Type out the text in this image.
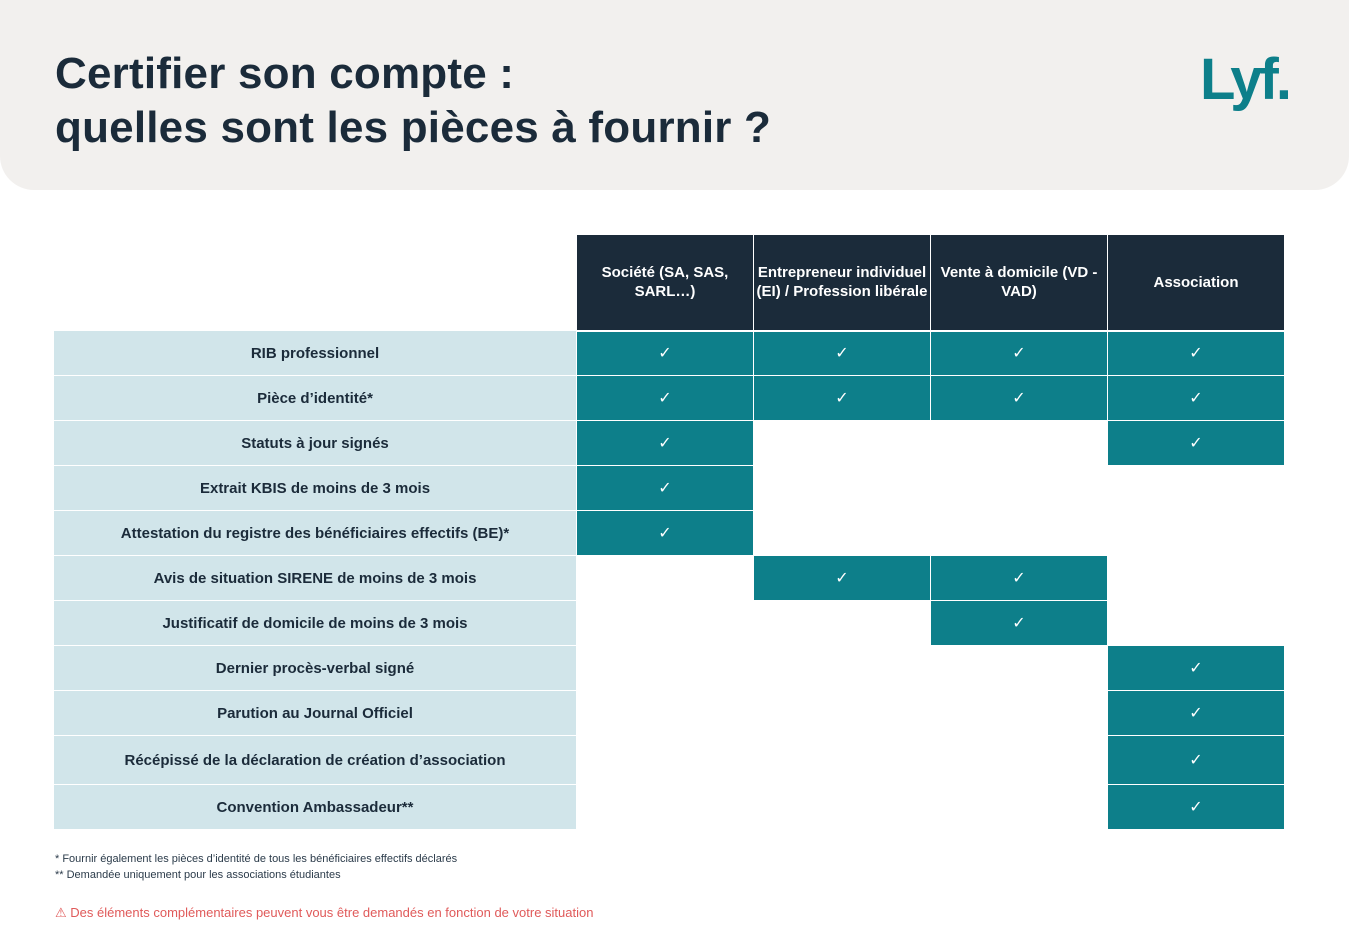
Certifier son compte :
quelles sont les pièces à fournir ?
Lyf.
	Société (SA, SAS, SARL…)	Entrepreneur individuel (EI) / Profession libérale	Vente à domicile (VD - VAD)	Association
RIB professionnel	✓	✓	✓	✓

Pièce d’identité*	✓	✓	✓	✓

Statuts à jour signés	✓			✓

Extrait KBIS de moins de 3 mois	✓			

Attestation du registre des bénéficiaires effectifs (BE)*	✓			

Avis de situation SIRENE de moins de 3 mois		✓	✓	

Justificatif de domicile de moins de 3 mois			✓	

Dernier procès-verbal signé				✓

Parution au Journal Officiel				✓

Récépissé de la déclaration de création d’association				✓

Convention Ambassadeur**				✓
* Fournir également les pièces d’identité de tous les bénéficiaires effectifs déclarés
** Demandée uniquement pour les associations étudiantes
⚠ Des éléments complémentaires peuvent vous être demandés en fonction de votre situation
